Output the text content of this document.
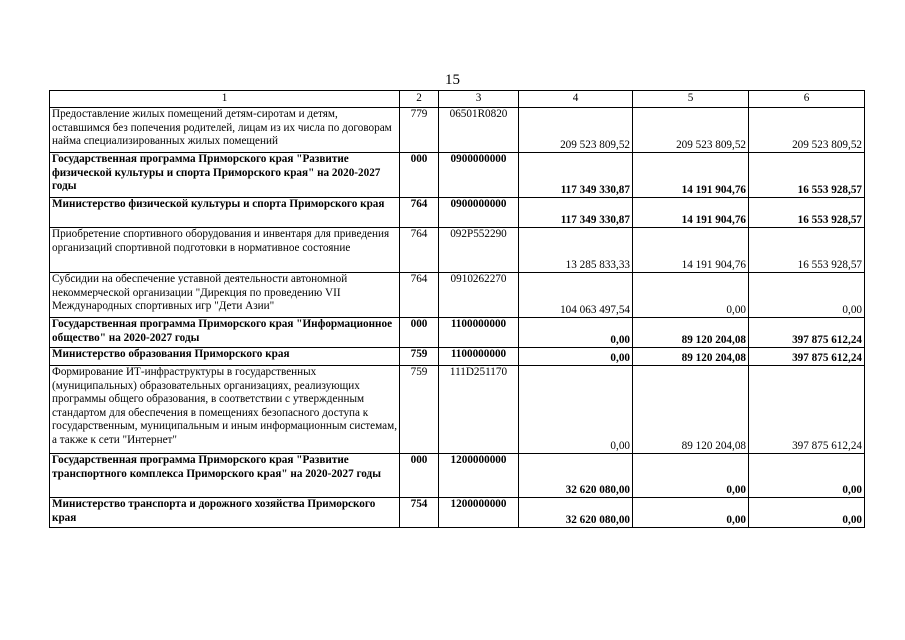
15
1	2	3	4	5	6
Предоставление жилых помещений детям-сиротам и детям, оставшимся без попечения родителей, лицам из их числа по договорам найма специализированных жилых помещений	779	06501R0820	209 523 809,52	209 523 809,52	209 523 809,52
Государственная программа Приморского края "Развитие физической культуры и спорта Приморского края" на 2020-2027 годы	000	0900000000	117 349 330,87	14 191 904,76	16 553 928,57
Министерство физической культуры и спорта Приморского края	764	0900000000	117 349 330,87	14 191 904,76	16 553 928,57
Приобретение спортивного оборудования и инвентаря для приведения организаций спортивной подготовки в нормативное состояние	764	092P552290	13 285 833,33	14 191 904,76	16 553 928,57
Субсидии на обеспечение уставной деятельности автономной некоммерческой организации "Дирекция по проведению VII Международных спортивных игр "Дети Азии"	764	0910262270	104 063 497,54	0,00	0,00
Государственная программа Приморского края "Информационное общество" на 2020-2027 годы	000	1100000000	0,00	89 120 204,08	397 875 612,24
Министерство образования Приморского края	759	1100000000	0,00	89 120 204,08	397 875 612,24
Формирование ИТ-инфраструктуры в государственных (муниципальных) образовательных организациях, реализующих программы общего образования, в соответствии с утвержденным стандартом для обеспечения в помещениях безопасного доступа к государственным, муниципальным и иным информационным системам, а также к сети "Интернет"	759	111D251170	0,00	89 120 204,08	397 875 612,24
Государственная программа Приморского края "Развитие транспортного комплекса Приморского края" на 2020-2027 годы	000	1200000000	32 620 080,00	0,00	0,00
Министерство транспорта и дорожного хозяйства Приморского края	754	1200000000	32 620 080,00	0,00	0,00
